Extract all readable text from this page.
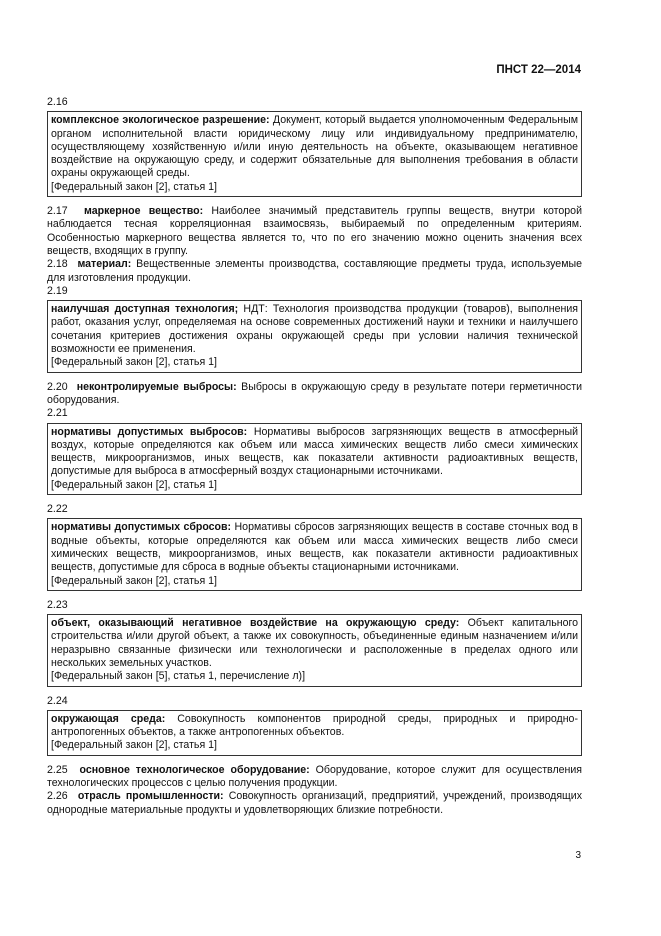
ПНСТ 22—2014

2.16

комплексное экологическое разрешение: Документ, который выдается уполномоченным Федеральным органом исполнительной власти юридическому лицу или индивидуальному предпринимателю, осуществляющему хозяйственную и/или иную деятельность на объекте, оказывающем негативное воздействие на окружающую среду, и содержит обязательные для выполнения требования в области охраны окружающей среды.

[Федеральный закон [2], статья 1]

2.17 маркерное вещество: Наиболее значимый представитель группы веществ, внутри которой наблюдается тесная корреляционная взаимосвязь, выбираемый по определенным критериям. Особенностью маркерного вещества является то, что по его значению можно оценить значения всех веществ, входящих в группу.

2.18 материал: Вещественные элементы производства, составляющие предметы труда, используемые для изготовления продукции.

2.19

наилучшая доступная технология; НДТ: Технология производства продукции (товаров), выполнения работ, оказания услуг, определяемая на основе современных достижений науки и техники и наилучшего сочетания критериев достижения охраны окружающей среды при условии наличия технической возможности ее применения.

[Федеральный закон [2], статья 1]

2.20 неконтролируемые выбросы: Выбросы в окружающую среду в результате потери герметичности оборудования.

2.21

нормативы допустимых выбросов: Нормативы выбросов загрязняющих веществ в атмосферный воздух, которые определяются как объем или масса химических веществ либо смеси химических веществ, микроорганизмов, иных веществ, как показатели активности радиоактивных веществ, допустимые для выброса в атмосферный воздух стационарными источниками.

[Федеральный закон [2], статья 1]

2.22

нормативы допустимых сбросов: Нормативы сбросов загрязняющих веществ в составе сточных вод в водные объекты, которые определяются как объем или масса химических веществ либо смеси химических веществ, микроорганизмов, иных веществ, как показатели активности радиоактивных веществ, допустимые для сброса в водные объекты стационарными источниками.

[Федеральный закон [2], статья 1]

2.23

объект, оказывающий негативное воздействие на окружающую среду: Объект капитального строительства и/или другой объект, а также их совокупность, объединенные единым назначением и/или неразрывно связанные физически или технологически и расположенные в пределах одного или нескольких земельных участков.

[Федеральный закон [5], статья 1, перечисление л)]

2.24

окружающая среда: Совокупность компонентов природной среды, природных и природно-антропогенных объектов, а также антропогенных объектов.

[Федеральный закон [2], статья 1]

2.25 основное технологическое оборудование: Оборудование, которое служит для осуществления технологических процессов с целью получения продукции.

2.26 отрасль промышленности: Совокупность организаций, предприятий, учреждений, производящих однородные материальные продукты и удовлетворяющих близкие потребности.

3
